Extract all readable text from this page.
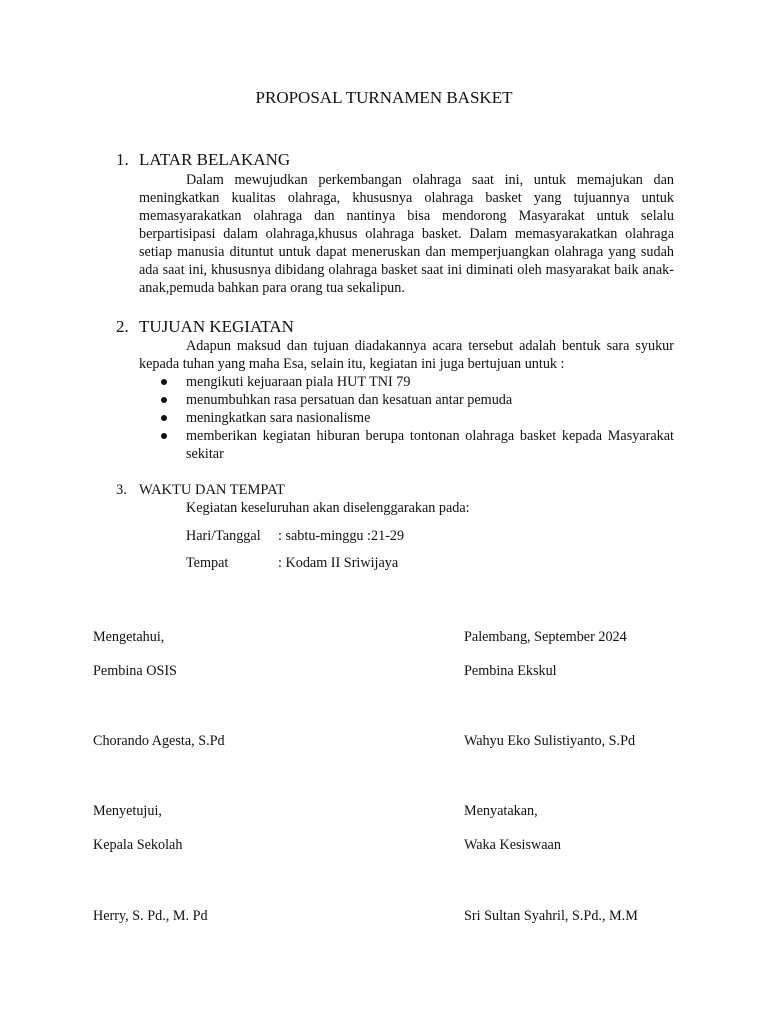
PROPOSAL TURNAMEN BASKET
1. LATAR BELAKANG

Dalam mewujudkan perkembangan olahraga saat ini, untuk memajukan dan meningkatkan kualitas olahraga, khususnya olahraga basket yang tujuannya untuk memasyarakatkan olahraga dan nantinya bisa mendorong Masyarakat untuk selalu berpartisipasi dalam olahraga,khusus olahraga basket. Dalam memasyarakatkan olahraga setiap manusia dituntut untuk dapat meneruskan dan memperjuangkan olahraga yang sudah ada saat ini, khususnya dibidang olahraga basket saat ini diminati oleh masyarakat baik anak-anak,pemuda bahkan para orang tua sekalipun.

2. TUJUAN KEGIATAN

Adapun maksud dan tujuan diadakannya acara tersebut adalah bentuk sara syukur kepada tuhan yang maha Esa, selain itu, kegiatan ini juga bertujuan untuk :

mengikuti kejuaraan piala HUT TNI 79
menumbuhkan rasa persatuan dan kesatuan antar pemuda
meningkatkan sara nasionalisme
memberikan kegiatan hiburan berupa tontonan olahraga basket kepada Masyarakat sekitar
3. WAKTU DAN TEMPAT

Kegiatan keseluruhan akan diselenggarakan pada:

Hari/Tanggal : sabtu-minggu :21-29

Tempat	: Kodam II Sriwijaya

Mengetahui,

Pembina OSIS

Chorando Agesta, S.Pd

Palembang, September 2024

Pembina Ekskul

Wahyu Eko Sulistiyanto, S.Pd

Menyetujui,

Kepala Sekolah

Herry, S. Pd., M. Pd

Menyatakan,

Waka Kesiswaan

Sri Sultan Syahril, S.Pd., M.M
